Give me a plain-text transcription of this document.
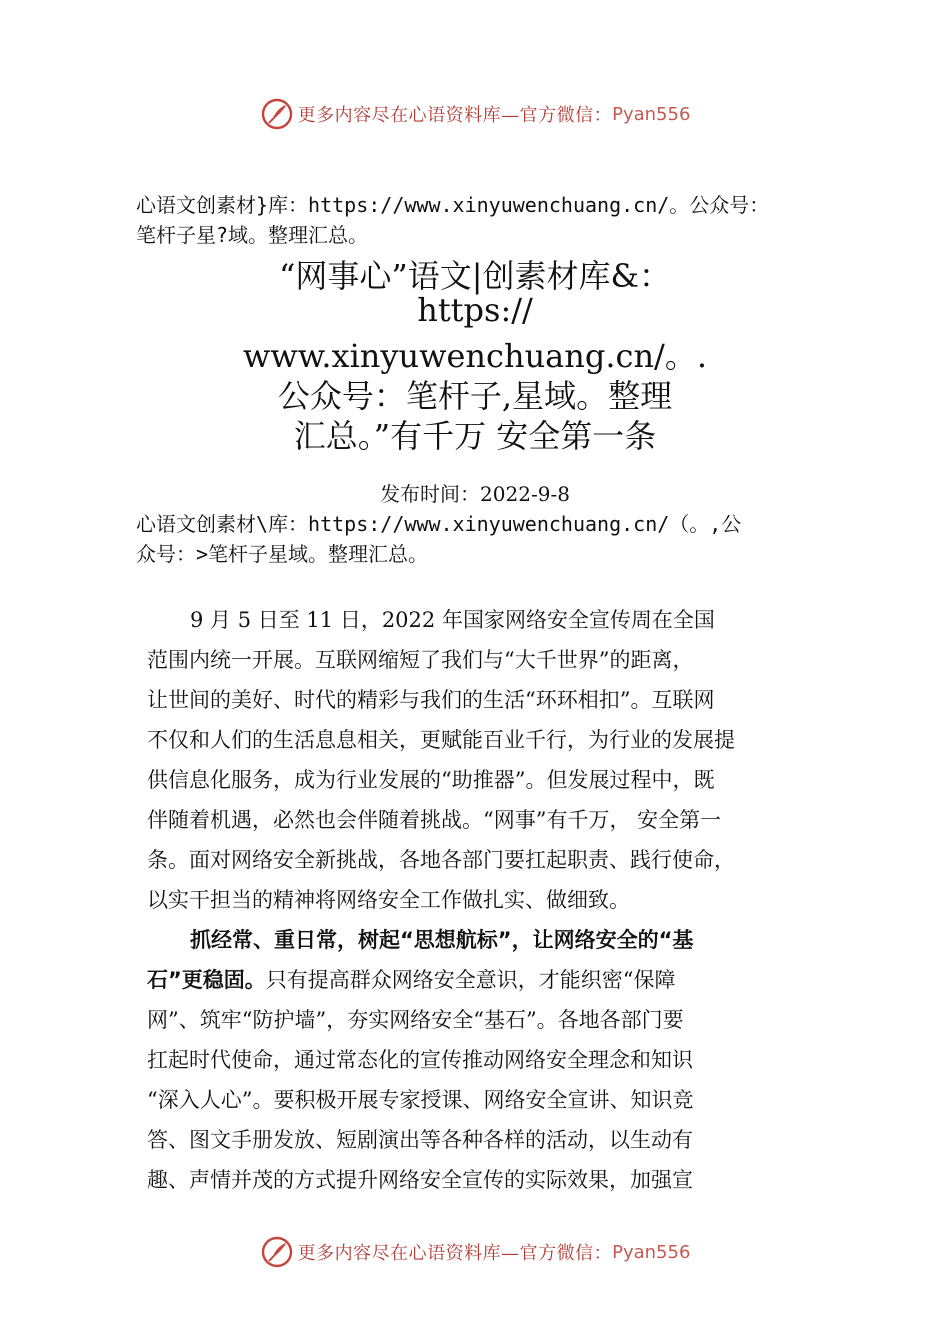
更多内容尽在心语资料库—官方微信： Pyan556
心语文创素材}库：https://www.xinyuwenchuang.cn/。公众号：
笔杆子星?域。整理汇总。
“网事心”语文|创素材库&：
https://
www.xinyuwenchuang.cn/。.
公众号：笔杆子,星域。整理
汇总。”有千万 安全第一条
发布时间：2022-9-8
心语文创素材\库：https://www.xinyuwenchuang.cn/（。,公
众号：>笔杆子星域。整理汇总。
9 月 5 日至 11 日，2022 年国家网络安全宣传周在全国
范围内统一开展。互联网缩短了我们与“大千世界”的距离，
让世间的美好、时代的精彩与我们的生活“环环相扣”。互联网
不仅和人们的生活息息相关，更赋能百业千行，为行业的发展提
供信息化服务，成为行业发展的“助推器”。但发展过程中，既
伴随着机遇，必然也会伴随着挑战。“网事”有千万， 安全第一
条。面对网络安全新挑战，各地各部门要扛起职责、践行使命，
以实干担当的精神将网络安全工作做扎实、做细致。
抓经常、重日常，树起“思想航标”，让网络安全的“基
石”更稳固。只有提高群众网络安全意识，才能织密“保障
网”、筑牢“防护墙”，夯实网络安全“基石”。各地各部门要
扛起时代使命，通过常态化的宣传推动网络安全理念和知识
“深入人心”。要积极开展专家授课、网络安全宣讲、知识竞
答、图文手册发放、短剧演出等各种各样的活动，以生动有
趣、声情并茂的方式提升网络安全宣传的实际效果，加强宣
更多内容尽在心语资料库—官方微信： Pyan556
